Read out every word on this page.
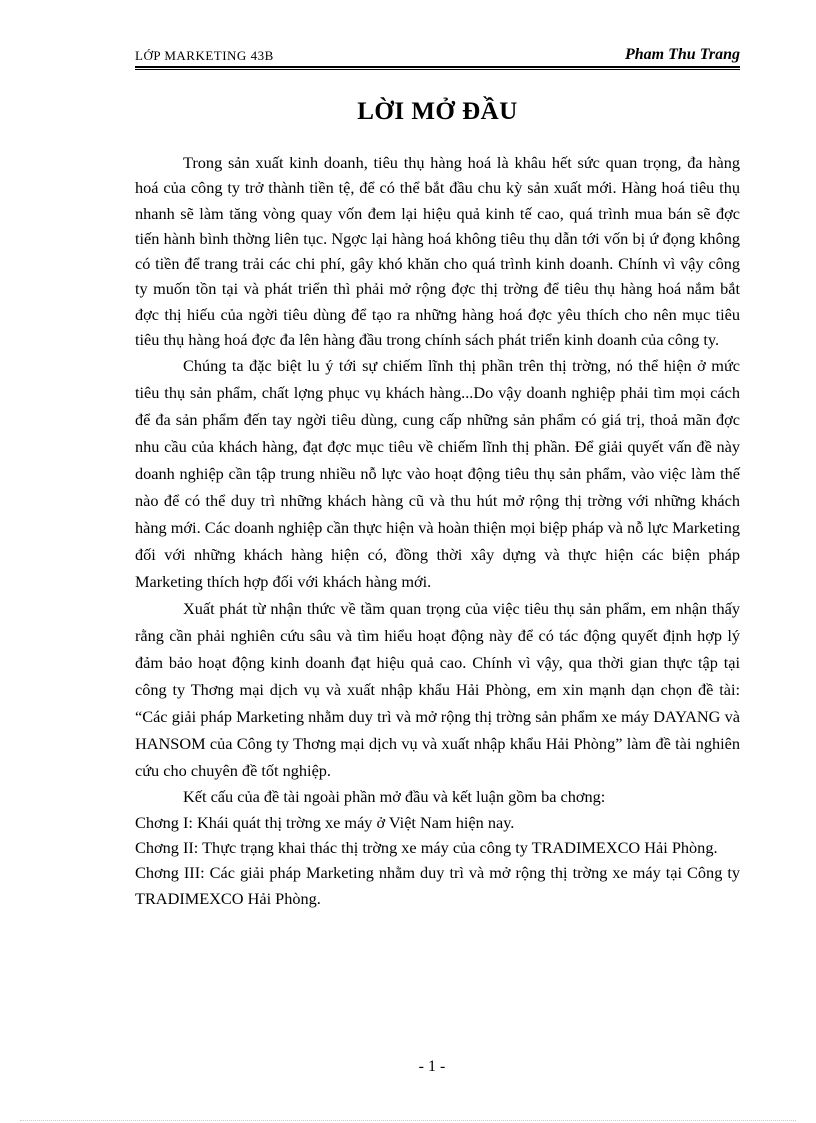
LỚP MARKETING 43B	Pham Thu Trang
LỜI MỞ ĐẦU

Trong sản xuất kinh doanh, tiêu thụ hàng hoá là khâu hết sức quan trọng, đa hàng hoá của công ty trở thành tiền tệ, để có thể bắt đầu chu kỳ sản xuất mới. Hàng hoá tiêu thụ nhanh sẽ làm tăng vòng quay vốn đem lại hiệu quả kinh tế cao, quá trình mua bán sẽ đợc tiến hành bình thờng liên tục. Ngợc lại hàng hoá không tiêu thụ dẫn tới vốn bị ứ đọng không có tiền để trang trải các chi phí, gây khó khăn cho quá trình kinh doanh. Chính vì vậy công ty muốn tồn tại và phát triển thì phải mở rộng đợc thị trờng để tiêu thụ hàng hoá nắm bắt đợc thị hiếu của ngời tiêu dùng để tạo ra những hàng hoá đợc yêu thích cho nên mục tiêu tiêu thụ hàng hoá đợc đa lên hàng đầu trong chính sách phát triển kinh doanh của công ty.

Chúng ta đặc biệt lu ý tới sự chiếm lĩnh thị phần trên thị trờng, nó thể hiện ở mức tiêu thụ sản phẩm, chất lợng phục vụ khách hàng...Do vậy doanh nghiệp phải tìm mọi cách để đa sản phẩm đến tay ngời tiêu dùng, cung cấp những sản phẩm có giá trị, thoả mãn đợc nhu cầu của khách hàng, đạt đợc mục tiêu về chiếm lĩnh thị phần. Để giải quyết vấn đề này doanh nghiệp cần tập trung nhiều nỗ lực vào hoạt động tiêu thụ sản phẩm, vào việc làm thế nào để có thể duy trì những khách hàng cũ và thu hút mở rộng thị trờng với những khách hàng mới. Các doanh nghiệp cần thực hiện và hoàn thiện mọi biệp pháp và nỗ lực Marketing đối với những khách hàng hiện có, đồng thời xây dựng và thực hiện các biện pháp Marketing thích hợp đối với khách hàng mới.

Xuất phát từ nhận thức về tầm quan trọng của việc tiêu thụ sản phẩm, em nhận thấy rằng cần phải nghiên cứu sâu và tìm hiểu hoạt động này để có tác động quyết định hợp lý đảm bảo hoạt động kinh doanh đạt hiệu quả cao. Chính vì vậy, qua thời gian thực tập tại công ty Thơng mại dịch vụ và xuất nhập khẩu Hải Phòng, em xin mạnh dạn chọn đề tài: “Các giải pháp Marketing nhằm duy trì và mở rộng thị trờng sản phẩm xe máy DAYANG và HANSOM của Công ty Thơng mại dịch vụ và xuất nhập khẩu Hải Phòng” làm đề tài nghiên cứu cho chuyên đề tốt nghiệp.

Kết cấu của đề tài ngoài phần mở đầu và kết luận gồm ba chơng:

Chơng I: Khái quát thị trờng xe máy ở Việt Nam hiện nay.

Chơng II: Thực trạng khai thác thị trờng xe máy của công ty TRADIMEXCO Hải Phòng.

Chơng III: Các giải pháp Marketing nhằm duy trì và mở rộng thị trờng xe máy tại Công ty TRADIMEXCO Hải Phòng.

- 1 -
